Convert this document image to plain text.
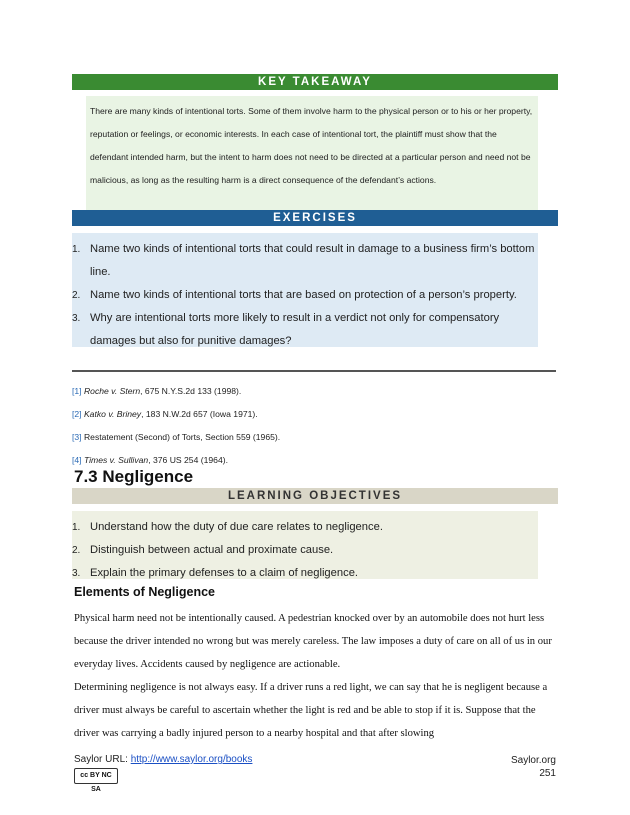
KEY TAKEAWAY
There are many kinds of intentional torts. Some of them involve harm to the physical person or to his or her property, reputation or feelings, or economic interests. In each case of intentional tort, the plaintiff must show that the defendant intended harm, but the intent to harm does not need to be directed at a particular person and need not be malicious, as long as the resulting harm is a direct consequence of the defendant’s actions.
EXERCISES
1. Name two kinds of intentional torts that could result in damage to a business firm’s bottom line.
2. Name two kinds of intentional torts that are based on protection of a person’s property.
3. Why are intentional torts more likely to result in a verdict not only for compensatory damages but also for punitive damages?
[1] Roche v. Stern, 675 N.Y.S.2d 133 (1998).
[2] Katko v. Briney, 183 N.W.2d 657 (Iowa 1971).
[3] Restatement (Second) of Torts, Section 559 (1965).
[4] Times v. Sullivan, 376 US 254 (1964).
7.3 Negligence
LEARNING OBJECTIVES
1. Understand how the duty of due care relates to negligence.
2. Distinguish between actual and proximate cause.
3. Explain the primary defenses to a claim of negligence.
Elements of Negligence
Physical harm need not be intentionally caused. A pedestrian knocked over by an automobile does not hurt less because the driver intended no wrong but was merely careless. The law imposes a duty of care on all of us in our everyday lives. Accidents caused by negligence are actionable.
Determining negligence is not always easy. If a driver runs a red light, we can say that he is negligent because a driver must always be careful to ascertain whether the light is red and be able to stop if it is. Suppose that the driver was carrying a badly injured person to a nearby hospital and that after slowing
Saylor URL: http://www.saylor.org/books
cc BY NC SA
Saylor.org
251
